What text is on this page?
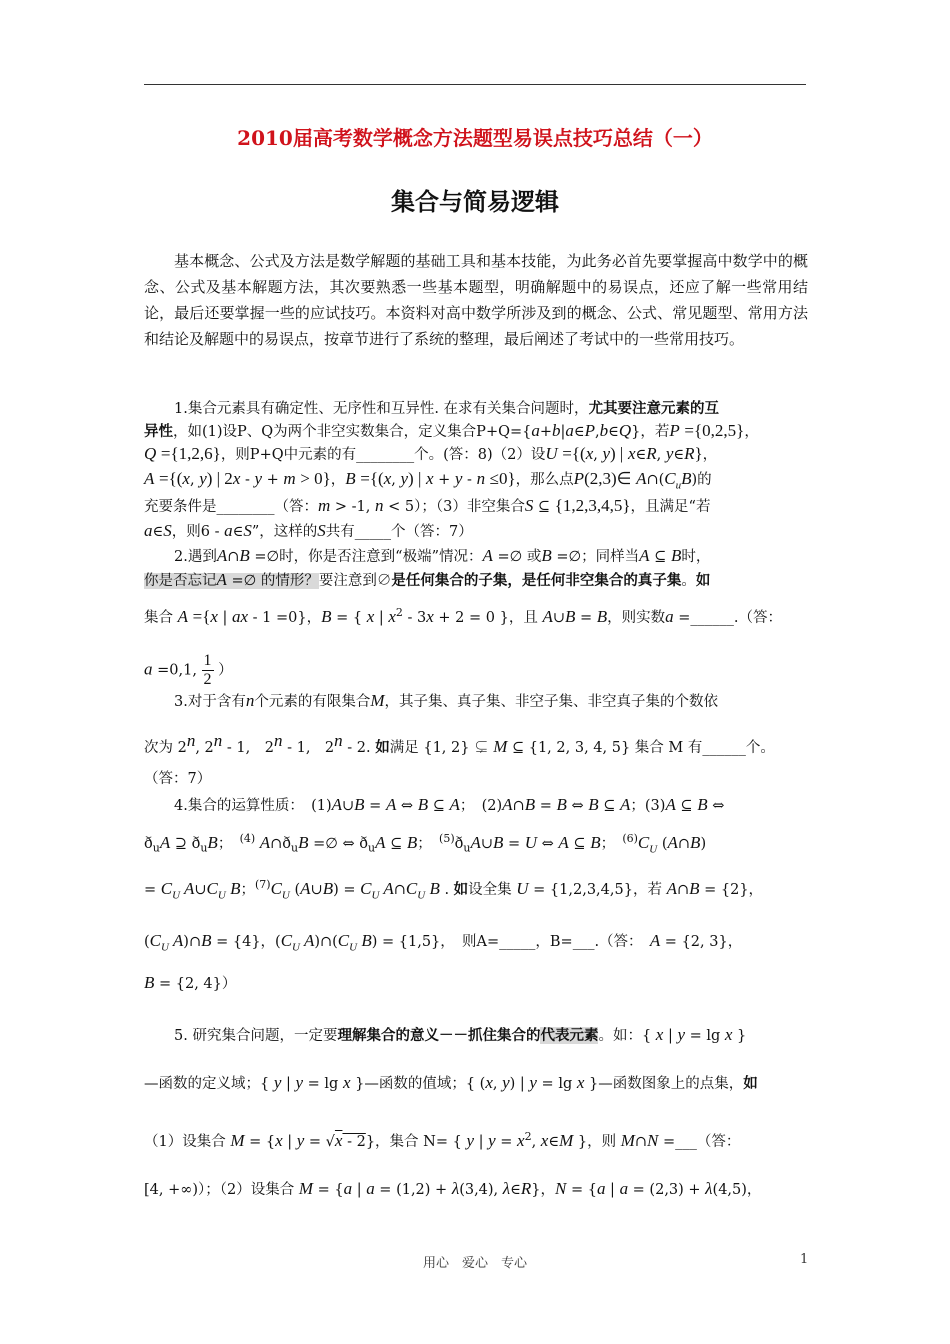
2010届高考数学概念方法题型易误点技巧总结（一）
集合与简易逻辑
基本概念、公式及方法是数学解题的基础工具和基本技能，为此务必首先要掌握高中数学中的概念、公式及基本解题方法，其次要熟悉一些基本题型，明确解题中的易误点，还应了解一些常用结论，最后还要掌握一些的应试技巧。本资料对高中数学所涉及到的概念、公式、常见题型、常用方法和结论及解题中的易误点，按章节进行了系统的整理，最后阐述了考试中的一些常用技巧。
1.集合元素具有确定性、无序性和互异性. 在求有关集合问题时，尤其要注意元素的互
异性，如(1)设P、Q为两个非空实数集合，定义集合P+Q={a+b|a∈P,b∈Q}，若P ={0,2,5}，
Q ={1,2,6}，则P+Q中元素的有________个。(答：8)（2）设U ={(x, y) | x∈R, y∈R}，
A ={(x, y) | 2x - y + m > 0}，B ={(x, y) | x + y - n ≤0}，那么点P(2,3)∈ $A\cap(C_uB)$的
充要条件是________（答：m > -1, n < 5）；（3）非空集合S ⊆ {1,2,3,4,5}，且满足“若
a∈S，则6 - a∈S”，这样的S共有_____个（答：7）
2.遇到A∩B =∅时，你是否注意到“极端”情况：A =∅ 或B =∅；同样当A ⊆ B时，
你是否忘记A =∅ 的情形？要注意到∅是任何集合的子集，是任何非空集合的真子集。如
集合 A ={x | ax - 1 =0}，B = { x | $x^2 - 3x + 2 = 0$ }，且 A∪B = B，则实数a =______.（答：
a =0,1, $\frac{1}{2}$ ）
3.对于含有n个元素的有限集合M，其子集、真子集、非空子集、非空真子集的个数依
次为 2$^n$, 2$^n$ - 1,　2$^n$ - 1,　2$^n$ - 2. 如满足 {1, 2} ⊊ M ⊆ {1, 2, 3, 4, 5} 集合 M 有______个。
（答：7）
4.集合的运算性质：　(1)A∪B = A ⇔ B ⊆ A；　(2)A∩B = B ⇔ B ⊆ A；(3)A ⊆ B ⇔
$ð_uA$ ⊇ $ð_uB$；　$^{(4)}$ $A\cap ð_uB$ =∅ ⇔ $ð_uA$ ⊆ B；　$^{(5)}ð_uA\cup B = U$ ⇔ A ⊆ B；　$^{(6)}C_U$ (A∩B)
= $C_U$ $A\cup C_U$ B；$^{(7)}C_U$ (A∪B) = $C_U$ $A\cap C_U$ B . 如设全集 U = {1,2,3,4,5}，若 A∩B = {2}，
($C_U$ A)∩B = {4}，($C_U$ $A)\cap(C_U$ B) = {1,5}，　则A=_____，B=___.（答：　A = {2, 3}，
B = {2, 4}）
5. 研究集合问题，一定要理解集合的意义－－抓住集合的代表元素。如：{ x | y = lg x }
—函数的定义域；{ y | y = lg x }—函数的值域；{ (x, y) | y = lg x }—函数图象上的点集，如
（1）设集合 M = {x | y = √x - 2}，集合 N= { y | $y = x^2$, x∈M }，则 M∩N =___（答：
[4, +∞)）；（2）设集合 M = {a | a = (1,2) + λ(3,4), λ∈R}，N = {a | a = (2,3) + λ(4,5)，
用心　爱心　专心	1
